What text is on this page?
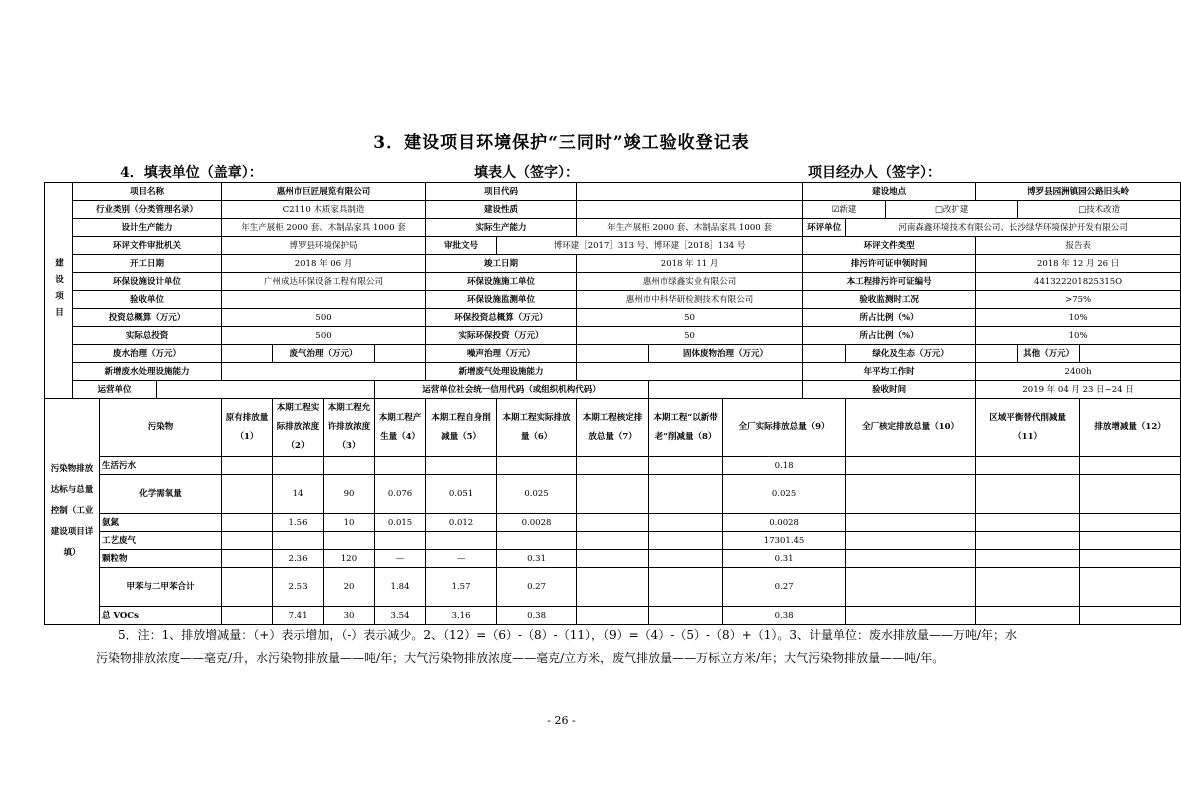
3．建设项目环境保护“三同时”竣工验收登记表
4．填表单位（盖章）：	填表人（签字）：	项目经办人（签字）：
建设项目	项目名称			惠州市巨匠展览有限公司				项目代码					建设地点			博罗县园洲镇园公路旧头岭		
	行业类别（分类管理名录）			C2110 木质家具制造				建设性质					☑新建		□改扩建		□技术改造	
	设计生产能力			年生产展柜 2000 套、木制品家具 1000 套				实际生产能力		年生产展柜 2000 套、木制品家具 1000 套			环评单位	河南森鑫环境技术有限公司、长沙绿华环境保护开发有限公司				
	环评文件审批机关			博罗县环境保护局				审批文号	博环建［2017］313 号、博环建［2018］134 号				环评文件类型			报告表		
	开工日期			2018 年 06 月				竣工日期		2018 年 11 月			排污许可证申领时间			2018 年 12 月 26 日		
	环保设施设计单位			广州成达环保设备工程有限公司				环保设施施工单位		惠州市绿鑫实业有限公司			本工程排污许可证编号			441322201825315O		
	验收单位							环保设施监测单位		惠州市中科华研检测技术有限公司			验收监测时工况			>75%		
	投资总概算（万元）			500				环保投资总概算（万元）		50			所占比例（%）			10%		
	实际总投资			500				实际环保投资（万元）		50			所占比例（%）			10%		
	废水治理（万元）				废气治理（万元）			噪声治理（万元）			固体废物治理（万元）			绿化及生态（万元）			其他（万元）	
	新增废水处理设施能力							新增废气处理设施能力					年平均工作时			2400h		
	运营单位						运营单位社会统一信用代码（或组织机构代码）						验收时间			2019 年 04 月 23 日~24 日		
污染物排放达标与总量控制（工业建设项目详填）		污染物		原有排放量（1）	本期工程实际排放浓度（2）	本期工程允许排放浓度（3）	本期工程产生量（4）	本期工程自身削减量（5）	本期工程实际排放量（6）	本期工程核定排放总量（7）	本期工程“以新带老”削减量（8）	全厂实际排放总量（9）		全厂核定排放总量（10）		区域平衡替代削减量（11）		排放增减量（12）
		生活污水										0.18						
		化学需氧量			14	90	0.076	0.051	0.025			0.025						
		氨氮			1.56	10	0.015	0.012	0.0028			0.0028						
		工艺废气										17301.45						
		颗粒物			2.36	120	—	—	0.31			0.31						
		甲苯与二甲苯合计			2.53	20	1.84	1.57	0.27			0.27						
		总 VOCs			7.41	30	3.54	3.16	0.38			0.38						
5．注：1、排放增减量：（+）表示增加，（-）表示减少。2、（12）=（6）-（8）-（11），（9）=（4）-（5）-（8）+（1）。3、计量单位：废水排放量——万吨/年；水
污染物排放浓度——毫克/升，水污染物排放量——吨/年；大气污染物排放浓度——毫克/立方米，废气排放量——万标立方米/年；大气污染物排放量——吨/年。
- 26 -
